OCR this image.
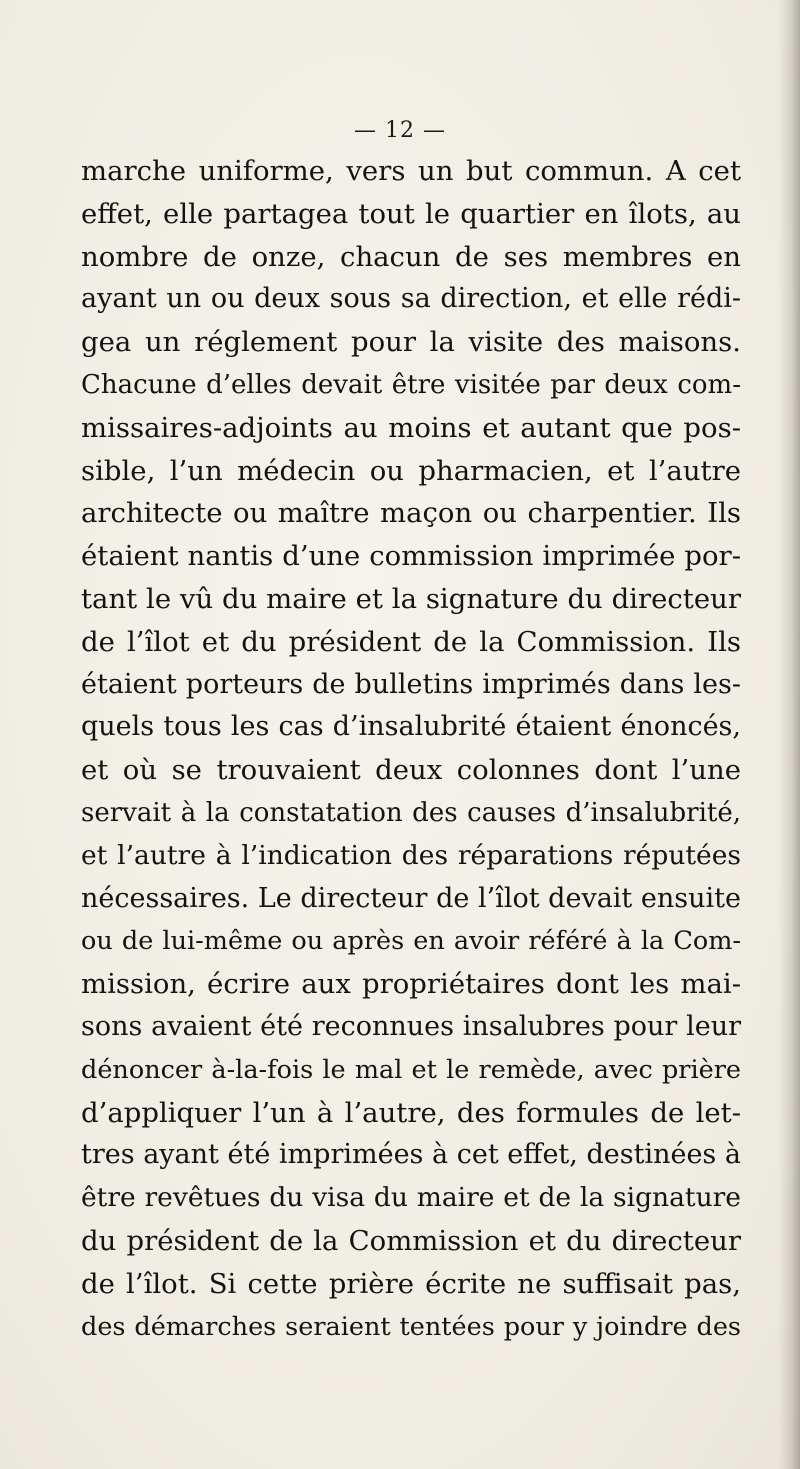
— 12 —
marche uniforme, vers un but commun. A cet
effet, elle partagea tout le quartier en îlots, au
nombre de onze, chacun de ses membres en
ayant un ou deux sous sa direction, et elle rédi-
gea un réglement pour la visite des maisons.
Chacune d’elles devait être visitée par deux com-
missaires-adjoints au moins et autant que pos-
sible, l’un médecin ou pharmacien, et l’autre
architecte ou maître maçon ou charpentier. Ils
étaient nantis d’une commission imprimée por-
tant le vû du maire et la signature du directeur
de l’îlot et du président de la Commission. Ils
étaient porteurs de bulletins imprimés dans les-
quels tous les cas d’insalubrité étaient énoncés,
et où se trouvaient deux colonnes dont l’une
servait à la constatation des causes d’insalubrité,
et l’autre à l’indication des réparations réputées
nécessaires. Le directeur de l’îlot devait ensuite
ou de lui-même ou après en avoir référé à la Com-
mission, écrire aux propriétaires dont les mai-
sons avaient été reconnues insalubres pour leur
dénoncer à-la-fois le mal et le remède, avec prière
d’appliquer l’un à l’autre, des formules de let-
tres ayant été imprimées à cet effet, destinées à
être revêtues du visa du maire et de la signature
du président de la Commission et du directeur
de l’îlot. Si cette prière écrite ne suffisait pas,
des démarches seraient tentées pour y joindre des
